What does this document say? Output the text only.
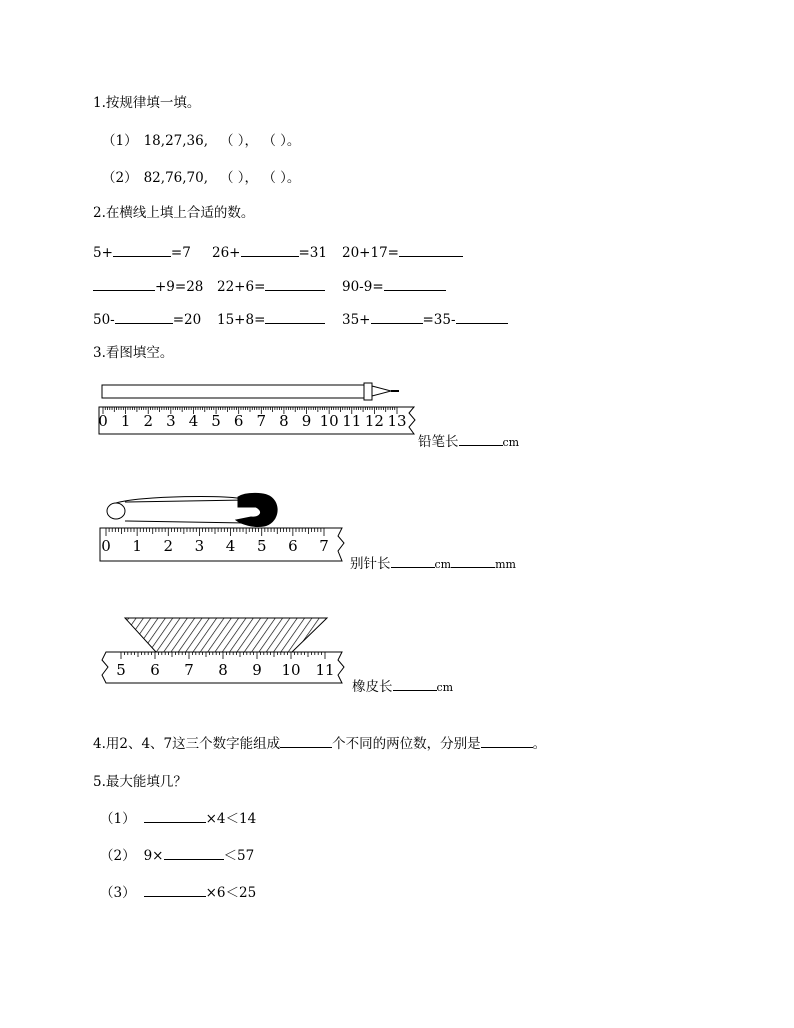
1.按规律填一填。
（1） 18,27,36, （ ）， （ ）。
（2） 82,76,70, （ ）， （ ）。
2.在横线上填上合适的数。
5+	=7 26+	=31 20+17=
+9=28 22+6=	90-9=
50-	=20 15+8=	35+	=35-
3.看图填空。
0 1 2 3 4 5 6 7 8 9 10 11 12 13
铅笔长	cm
0 1 2 3 4 5 6 7
别针长	cm	mm
5 6 7 8 9 10 11
橡皮长	cm
4.用2、4、7这三个数字能组成	个不同的两位数，分别是	。
5.最大能填几？
（1）	×4＜14
（2） 9×	＜57
（3）	×6＜25
